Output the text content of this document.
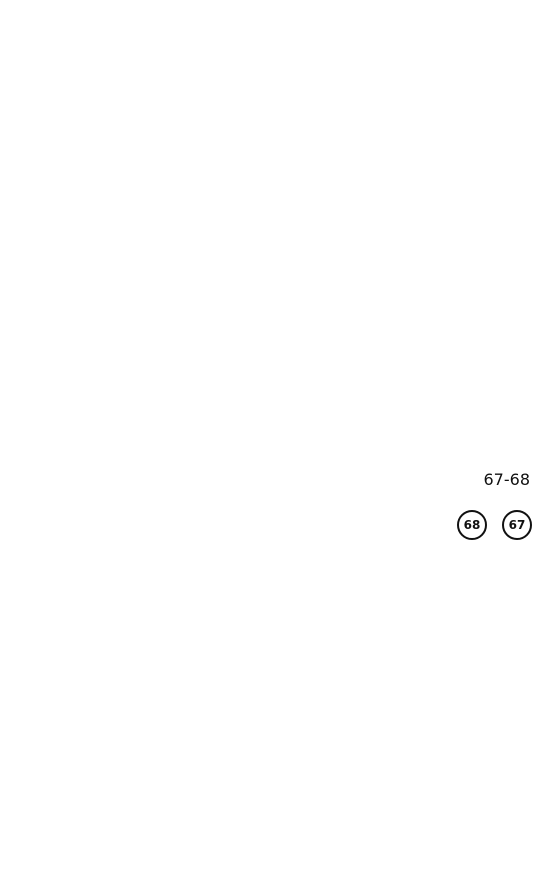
67-68

67 68
